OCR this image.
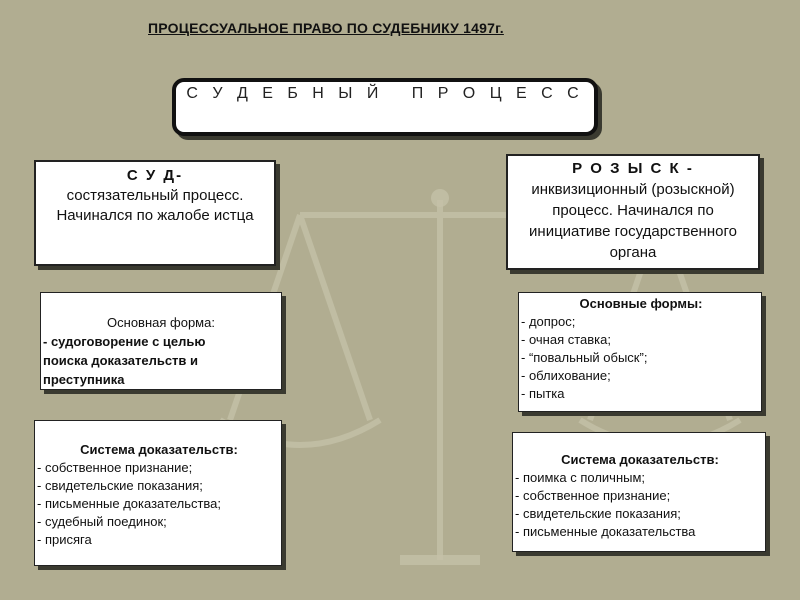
ПРОЦЕССУАЛЬНОЕ ПРАВО ПО СУДЕБНИКУ 1497г.
С У Д Е Б Н Ы Й   П Р О Ц Е С С
С У Д-
состязательный процесс.
Начинался по жалобе истца
Р О З Ы С К -
инквизиционный (розыскной)
процесс. Начинался по
инициативе государственного
органа
Основная форма:
- судоговорение с целью
поиска доказательств и
преступника
Основные формы:
- допрос;
- очная ставка;
- “повальный обыск”;
- облихование;
- пытка
Система доказательств:
- собственное признание;
- свидетельские показания;
- письменные доказательства;
- судебный поединок;
- присяга
Система доказательств:
- поимка с поличным;
- собственное признание;
- свидетельские показания;
- письменные доказательства
